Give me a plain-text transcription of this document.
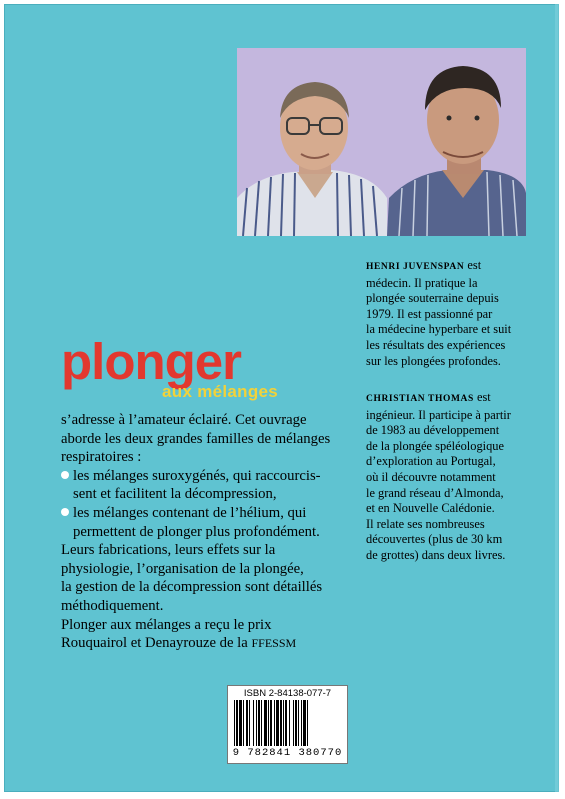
HENRI JUVENSPAN est
médecin. Il pratique la
plongée souterraine depuis
1979. Il est passionné par
la médecine hyperbare et suit
les résultats des expériences
sur les plongées profondes.
CHRISTIAN THOMAS est
ingénieur. Il participe à partir
de 1983 au développement
de la plongée spéléologique
d’exploration au Portugal,
où il découvre notamment
le grand réseau d’Almonda,
et en Nouvelle Calédonie.
Il relate ses nombreuses
découvertes (plus de 30 km
de grottes) dans deux livres.
plonger
aux mélanges

s’adresse à l’amateur éclairé. Cet ouvrage

aborde les deux grandes familles de mélanges

respiratoires :

les mélanges suroxygénés, qui raccourcis-

sent et facilitent la décompression,

les mélanges contenant de l’hélium, qui

permettent de plonger plus profondément.

Leurs fabrications, leurs effets sur la

physiologie, l’organisation de la plongée,

la gestion de la décompression sont détaillés

méthodiquement.

Plonger aux mélanges a reçu le prix

Rouquairol et Denayrouze de la FFESSM

ISBN 2-84138-077-7
9 782841 380770
